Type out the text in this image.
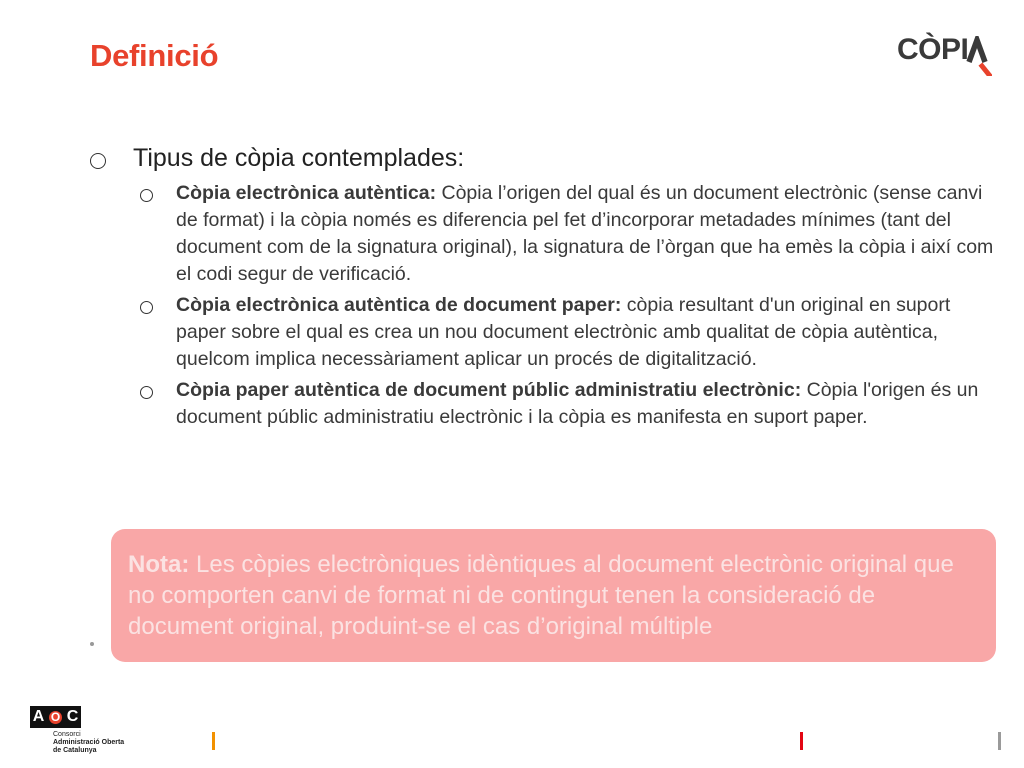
Definició	CÒPI
Tipus de còpia contemplades:
Còpia electrònica autèntica: Còpia l’origen del qual és un document electrònic (sense canvi de format) i la còpia només es diferencia pel fet d’incorporar metadades mínimes (tant del document com de la signatura original), la signatura de l’òrgan que ha emès la còpia i així com el codi segur de verificació.
Còpia electrònica autèntica de document paper: còpia resultant d'un original en suport paper sobre el qual es crea un nou document electrònic amb qualitat de còpia autèntica, quelcom implica necessàriament aplicar un procés de digitalització.
Còpia paper autèntica de document públic administratiu electrònic: Còpia l'origen és un document públic administratiu electrònic i la còpia es manifesta en suport paper.
Nota: Les còpies electròniques idèntiques al document electrònic original que no comporten canvi de format ni de contingut tenen la consideració de document original, produint-se el cas d’original múltiple
A O C
Consorci
Administració Oberta
de Catalunya
